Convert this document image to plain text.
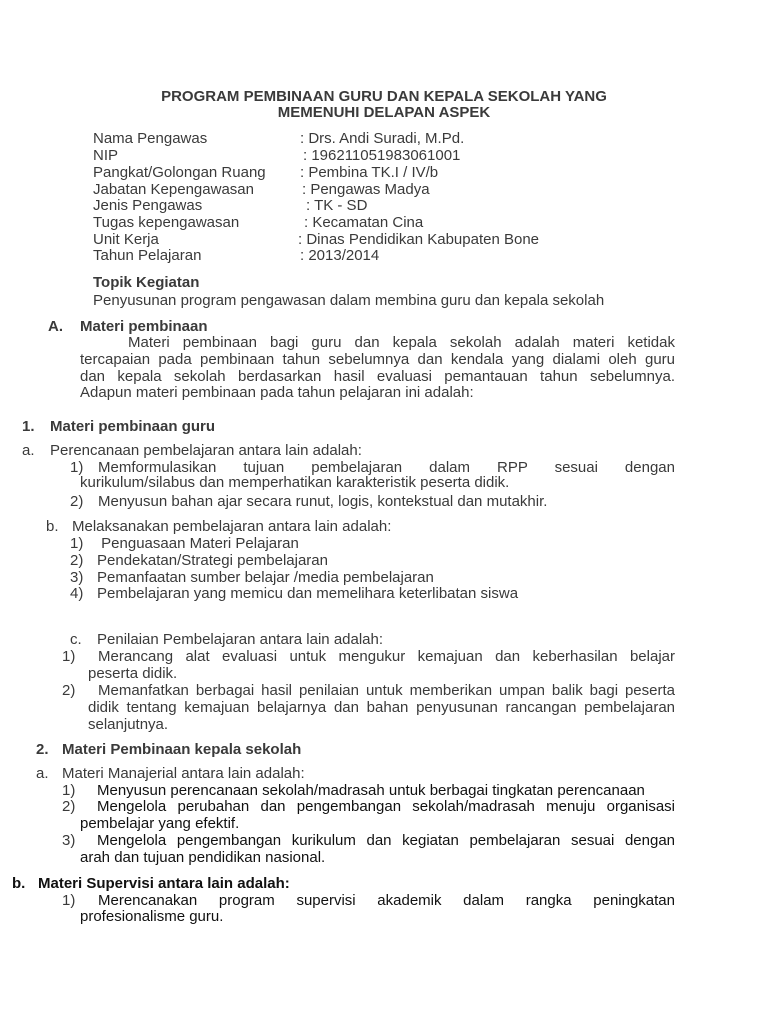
PROGRAM PEMBINAAN GURU DAN KEPALA SEKOLAH YANG
MEMENUHI DELAPAN ASPEK
Nama Pengawas	: Drs. Andi Suradi, M.Pd.
NIP	: 196211051983061001
Pangkat/Golongan Ruang : Pembina TK.I / IV/b
Jabatan Kepengawasan	: Pengawas Madya
Jenis Pengawas	: TK - SD
Tugas kepengawasan	: Kecamatan Cina
Unit Kerja	: Dinas Pendidikan Kabupaten Bone
Tahun Pelajaran	: 2013/2014
Topik Kegiatan
Penyusunan program pengawasan dalam membina guru dan kepala sekolah
A. Materi pembinaan
Materi pembinaan bagi guru dan kepala sekolah adalah materi ketidak
tercapaian pada pembinaan tahun sebelumnya dan kendala yang dialami oleh guru
dan kepala sekolah berdasarkan hasil evaluasi pemantauan tahun sebelumnya.
Adapun materi pembinaan pada tahun pelajaran ini adalah:
1. Materi pembinaan guru
a. Perencanaan pembelajaran antara lain adalah:
1) Memformulasikan tujuan pembelajaran dalam RPP sesuai dengan
kurikulum/silabus dan memperhatikan karakteristik peserta didik.
2) Menyusun bahan ajar secara runut, logis, kontekstual dan mutakhir.
b. Melaksanakan pembelajaran antara lain adalah:
1) Penguasaan Materi Pelajaran
2) Pendekatan/Strategi pembelajaran
3) Pemanfaatan sumber belajar /media pembelajaran
4) Pembelajaran yang memicu dan memelihara keterlibatan siswa
c. Penilaian Pembelajaran antara lain adalah:
1) Merancang alat evaluasi untuk mengukur kemajuan dan keberhasilan belajar
peserta didik.
2) Memanfatkan berbagai hasil penilaian untuk memberikan umpan balik bagi peserta
didik tentang kemajuan belajarnya dan bahan penyusunan rancangan pembelajaran
selanjutnya.
2. Materi Pembinaan kepala sekolah
a. Materi Manajerial antara lain adalah:
1) Menyusun perencanaan sekolah/madrasah untuk berbagai tingkatan perencanaan
2) Mengelola perubahan dan pengembangan sekolah/madrasah menuju organisasi
pembelajar yang efektif.
3) Mengelola pengembangan kurikulum dan kegiatan pembelajaran sesuai dengan
arah dan tujuan pendidikan nasional.
b. Materi Supervisi antara lain adalah:
1) Merencanakan program supervisi akademik dalam rangka peningkatan
profesionalisme guru.
